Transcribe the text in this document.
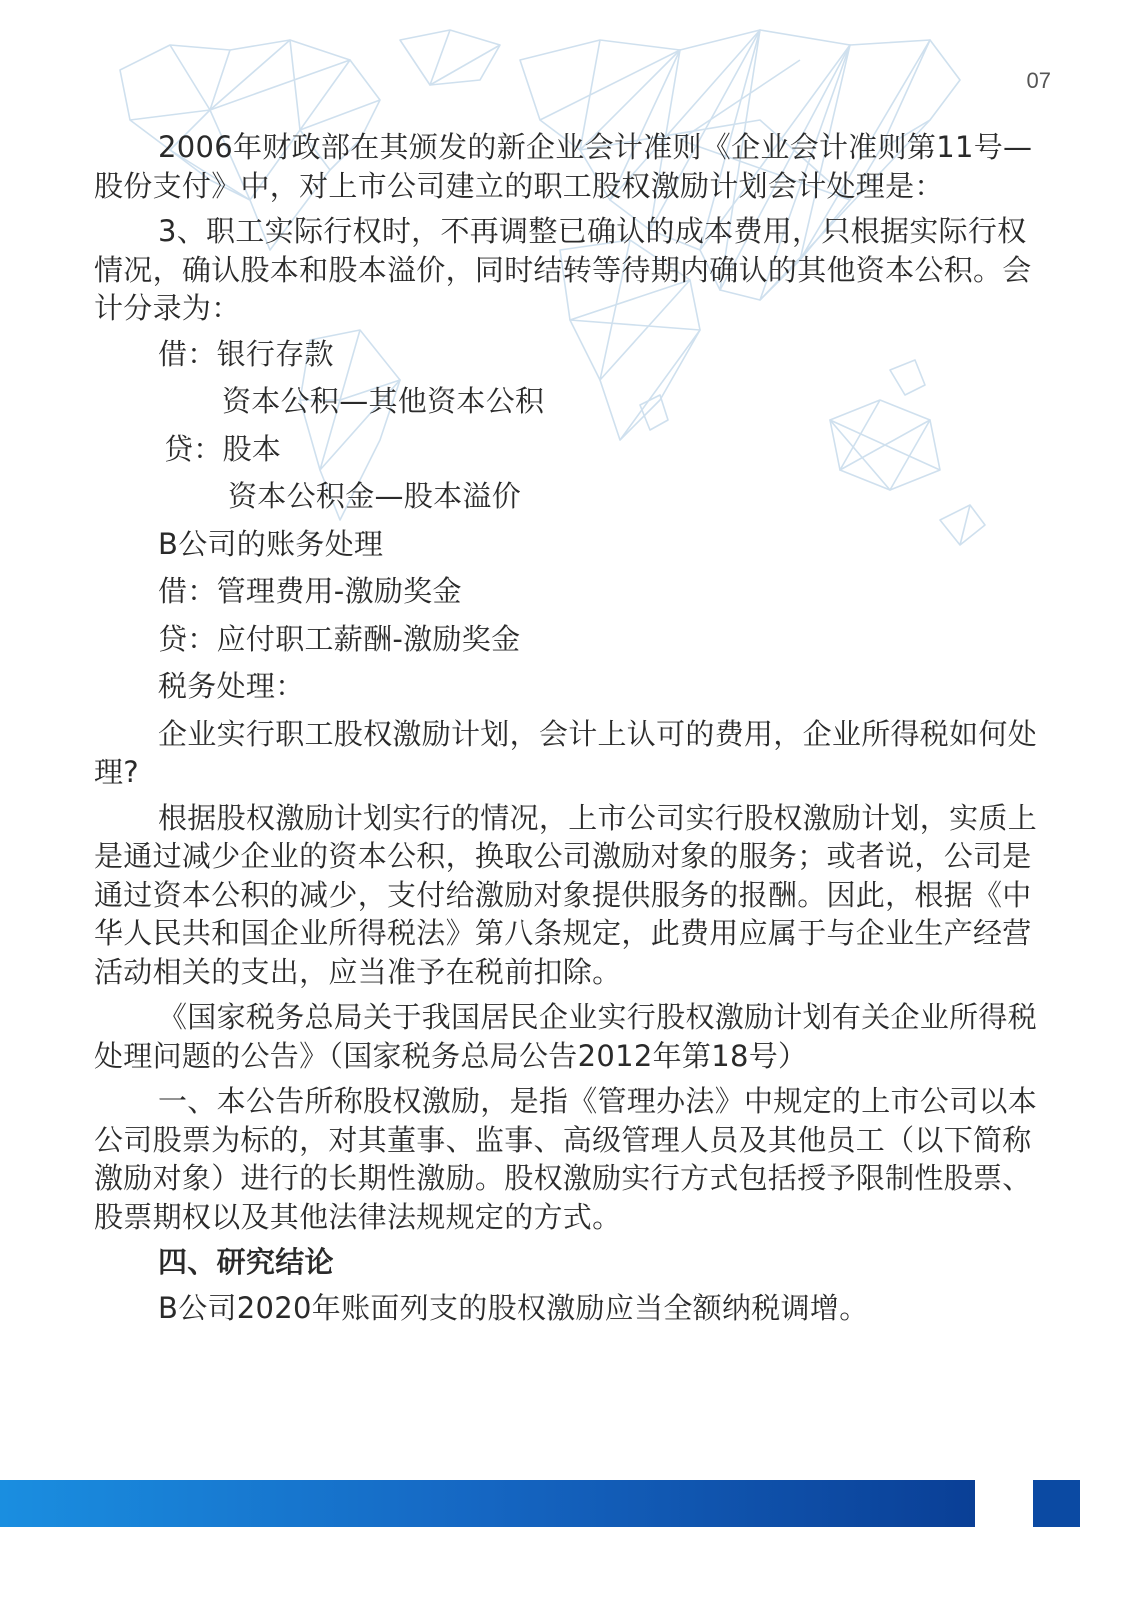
07

2006年财政部在其颁发的新企业会计准则《企业会计准则第11号—股份支付》中，对上市公司建立的职工股权激励计划会计处理是：

3、职工实际行权时，不再调整已确认的成本费用，只根据实际行权情况，确认股本和股本溢价，同时结转等待期内确认的其他资本公积。会计分录为：

借：银行存款
资本公积—其他资本公积
贷：股本
资本公积金—股本溢价
B公司的账务处理
借：管理费用-激励奖金
贷：应付职工薪酬-激励奖金
税务处理：

企业实行职工股权激励计划，会计上认可的费用，企业所得税如何处理?

根据股权激励计划实行的情况，上市公司实行股权激励计划，实质上是通过减少企业的资本公积，换取公司激励对象的服务；或者说，公司是通过资本公积的减少，支付给激励对象提供服务的报酬。因此，根据《中华人民共和国企业所得税法》第八条规定，此费用应属于与企业生产经营活动相关的支出，应当准予在税前扣除。

《国家税务总局关于我国居民企业实行股权激励计划有关企业所得税处理问题的公告》（国家税务总局公告2012年第18号）

一、本公告所称股权激励，是指《管理办法》中规定的上市公司以本公司股票为标的，对其董事、监事、高级管理人员及其他员工（以下简称激励对象）进行的长期性激励。股权激励实行方式包括授予限制性股票、股票期权以及其他法律法规规定的方式。

四、研究结论

B公司2020年账面列支的股权激励应当全额纳税调增。
